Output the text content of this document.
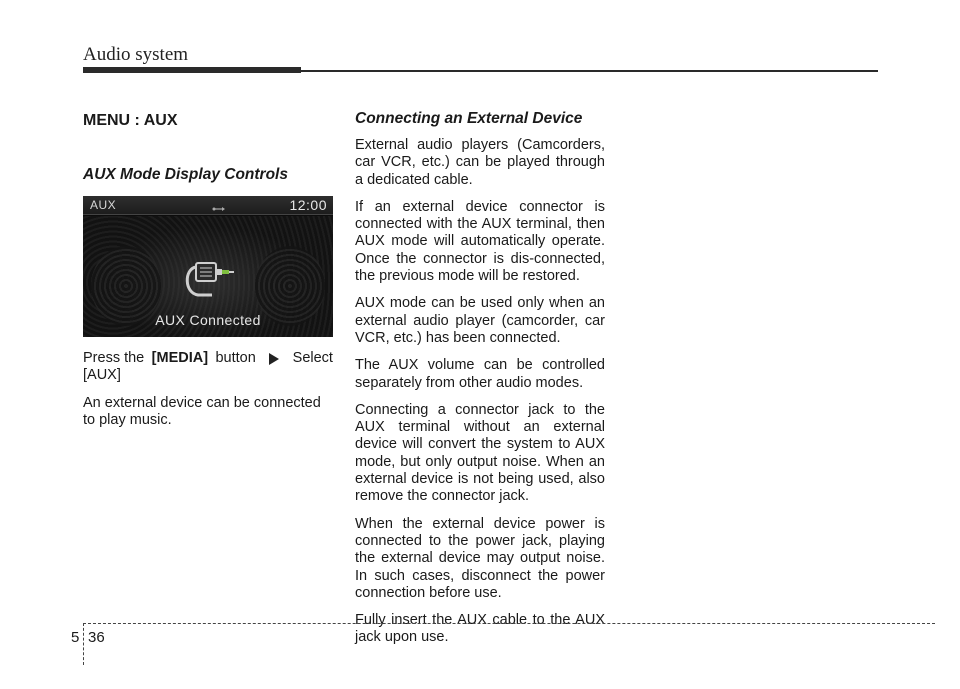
Audio system
MENU : AUX
AUX Mode Display Controls
AUX	12:00
AUX Connected
Press the [MEDIA] button	Select
[AUX]
An external device can be connected to play music.
Connecting an External Device

External audio players (Camcorders, car VCR, etc.) can be played through a dedicated cable.

If an external device connector is connected with the AUX terminal, then AUX mode will automatically operate. Once the connector is dis-connected, the previous mode will be restored.

AUX mode can be used only when an external audio player (camcorder, car VCR, etc.) has been connected.

The AUX volume can be controlled separately from other audio modes.

Connecting a connector jack to the AUX terminal without an external device will convert the system to AUX mode, but only output noise. When an external device is not being used, also remove the connector jack.

When the external device power is connected to the power jack, playing the external device may output noise. In such cases, disconnect the power connection before use.

Fully insert the AUX cable to the AUX jack upon use.

5 36
